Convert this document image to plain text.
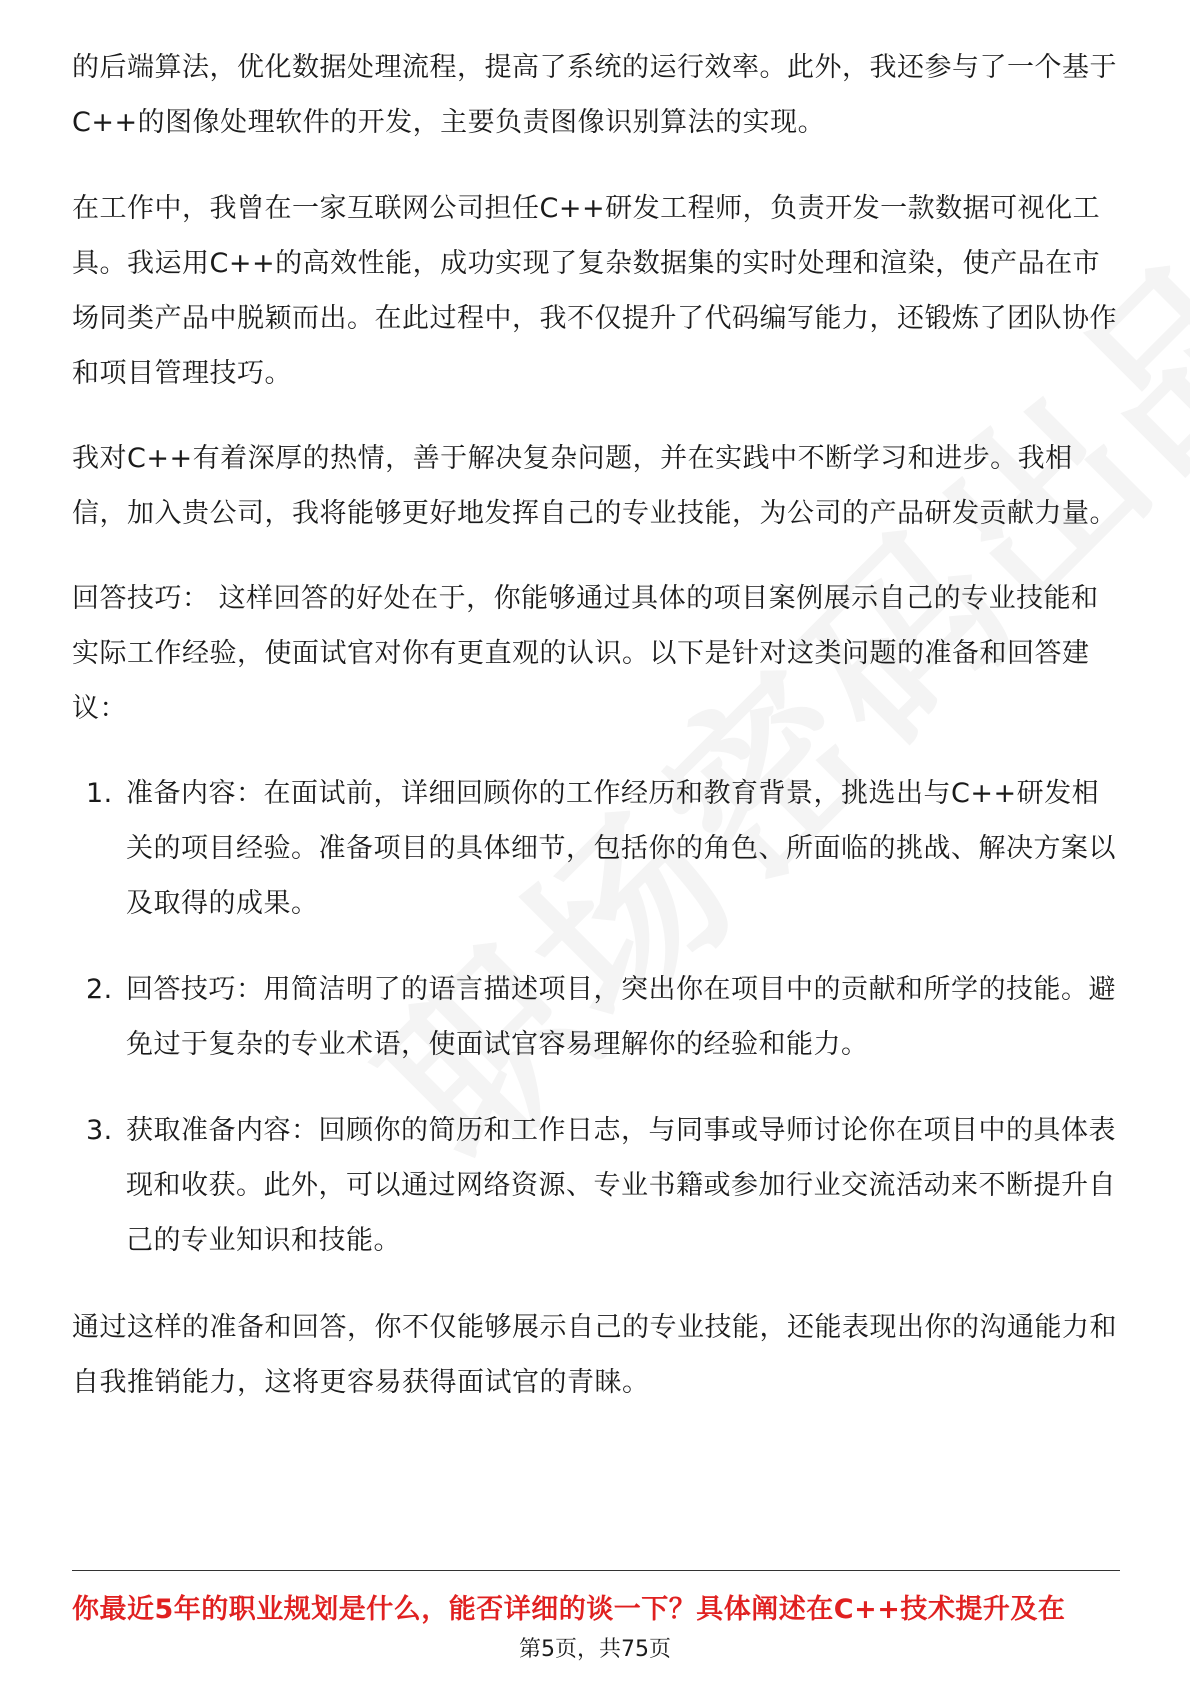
的后端算法，优化数据处理流程，提高了系统的运行效率。此外，我还参与了一个基于C++的图像处理软件的开发，主要负责图像识别算法的实现。

在工作中，我曾在一家互联网公司担任C++研发工程师，负责开发一款数据可视化工具。我运用C++的高效性能，成功实现了复杂数据集的实时处理和渲染，使产品在市场同类产品中脱颖而出。在此过程中，我不仅提升了代码编写能力，还锻炼了团队协作和项目管理技巧。

我对C++有着深厚的热情，善于解决复杂问题，并在实践中不断学习和进步。我相信，加入贵公司，我将能够更好地发挥自己的专业技能，为公司的产品研发贡献力量。

回答技巧： 这样回答的好处在于，你能够通过具体的项目案例展示自己的专业技能和实际工作经验，使面试官对你有更直观的认识。以下是针对这类问题的准备和回答建议：

1. 准备内容：在面试前，详细回顾你的工作经历和教育背景，挑选出与C++研发相关的项目经验。准备项目的具体细节，包括你的角色、所面临的挑战、解决方案以及取得的成果。
2. 回答技巧：用简洁明了的语言描述项目，突出你在项目中的贡献和所学的技能。避免过于复杂的专业术语，使面试官容易理解你的经验和能力。
3. 获取准备内容：回顾你的简历和工作日志，与同事或导师讨论你在项目中的具体表现和收获。此外，可以通过网络资源、专业书籍或参加行业交流活动来不断提升自己的专业知识和技能。

通过这样的准备和回答，你不仅能够展示自己的专业技能，还能表现出你的沟通能力和自我推销能力，这将更容易获得面试官的青睐。

你最近5年的职业规划是什么，能否详细的谈一下？具体阐述在C++技术提升及在
第5页，共75页
